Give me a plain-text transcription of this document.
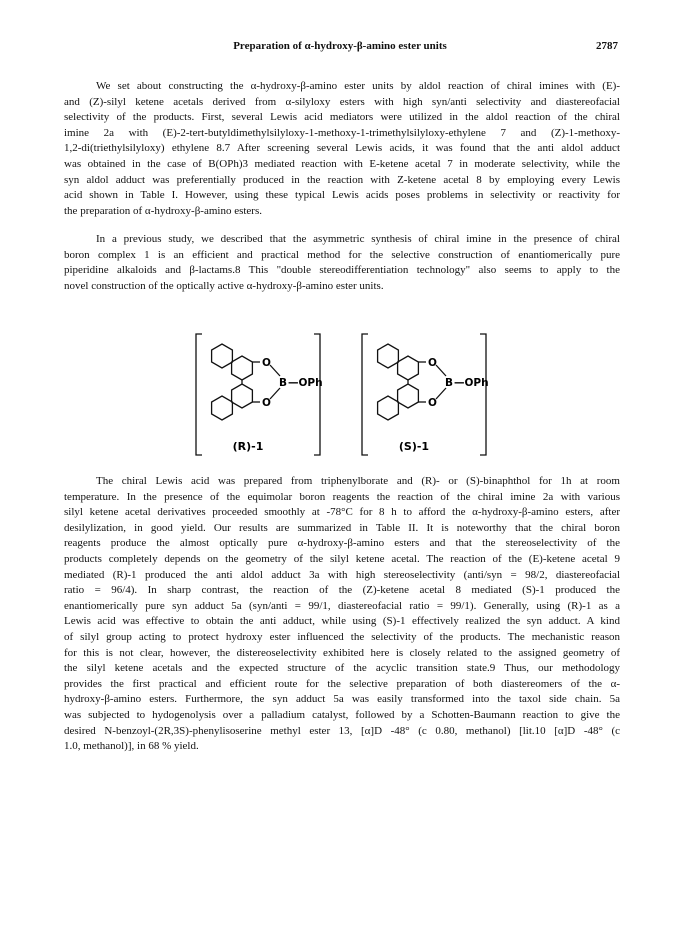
Preparation of α-hydroxy-β-amino ester units	2787
We set about constructing the α-hydroxy-β-amino ester units by aldol reaction of chiral imines with (E)-
and (Z)-silyl ketene acetals derived from α-silyloxy esters with high syn/anti selectivity and diastereofacial
selectivity of the products. First, several Lewis acid mediators were utilized in the aldol reaction of the chiral
imine 2a with (E)-2-tert-butyldimethylsilyloxy-1-methoxy-1-trimethylsilyloxy-ethylene 7 and (Z)-1-methoxy-
1,2-di(triethylsilyloxy) ethylene 8.7 After screening several Lewis acids, it was found that the anti aldol adduct
was obtained in the case of B(OPh)3 mediated reaction with E-ketene acetal 7 in moderate selectivity, while the
syn aldol adduct was preferentially produced in the reaction with Z-ketene acetal 8 by employing every Lewis
acid shown in Table I. However, using these typical Lewis acids poses problems in selectivity or reactivity for
the preparation of α-hydroxy-β-amino esters.
In a previous study, we described that the asymmetric synthesis of chiral imine in the presence of chiral
boron complex 1 is an efficient and practical method for the selective construction of enantiomerically pure
piperidine alkaloids and β-lactams.8 This "double stereodifferentiation technology" also seems to apply to the
novel construction of the optically active α-hydroxy-β-amino ester units.
O
O
B —OPh
(R)-1
O
O
B —OPh
(S)-1
The chiral Lewis acid was prepared from triphenylborate and (R)- or (S)-binaphthol for 1h at room
temperature. In the presence of the equimolar boron reagents the reaction of the chiral imine 2a with various
silyl ketene acetal derivatives proceeded smoothly at -78°C for 8 h to afford the α-hydroxy-β-amino esters, after
desilylization, in good yield. Our results are summarized in Table II. It is noteworthy that the chiral boron
reagents produce the almost optically pure α-hydroxy-β-amino esters and that the stereoselectivity of the
products completely depends on the geometry of the silyl ketene acetal. The reaction of the (E)-ketene acetal 9
mediated (R)-1 produced the anti aldol adduct 3a with high stereoselectivity (anti/syn = 98/2, diastereofacial
ratio = 96/4). In sharp contrast, the reaction of the (Z)-ketene acetal 8 mediated (S)-1 produced the
enantiomerically pure syn adduct 5a (syn/anti = 99/1, diastereofacial ratio = 99/1). Generally, using (R)-1 as a
Lewis acid was effective to obtain the anti adduct, while using (S)-1 effectively realized the syn adduct. A kind
of silyl group acting to protect hydroxy ester influenced the selectivity of the products. The mechanistic reason
for this is not clear, however, the distereoselectivity exhibited here is closely related to the assigned geometry of
the silyl ketene acetals and the expected structure of the acyclic transition state.9 Thus, our methodology
provides the first practical and efficient route for the selective preparation of both diastereomers of the α-
hydroxy-β-amino esters. Furthermore, the syn adduct 5a was easily transformed into the taxol side chain. 5a
was subjected to hydogenolysis over a palladium catalyst, followed by a Schotten-Baumann reaction to give the
desired N-benzoyl-(2R,3S)-phenylisoserine methyl ester 13, [α]D -48° (c 0.80, methanol) [lit.10 [α]D -48° (c
1.0, methanol)], in 68 % yield.
